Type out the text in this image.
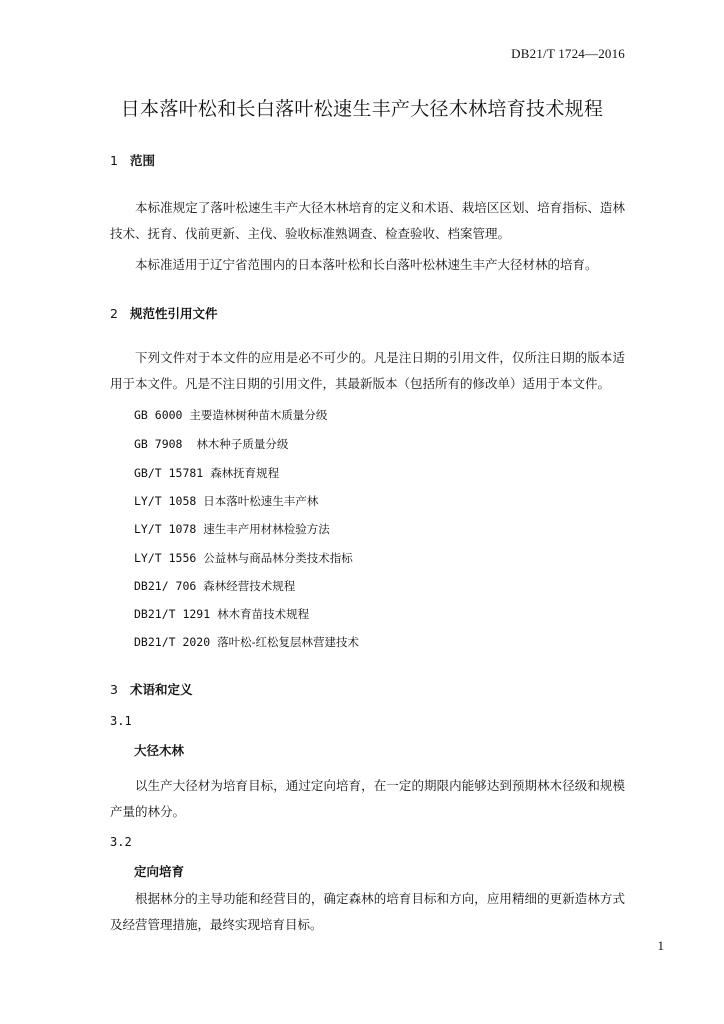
DB21/T 1724—2016
日本落叶松和长白落叶松速生丰产大径木林培育技术规程
1 范围

本标准规定了落叶松速生丰产大径木林培育的定义和术语、栽培区区划、培育指标、造林技术、抚育、伐前更新、主伐、验收标准熟调查、检查验收、档案管理。

本标准适用于辽宁省范围内的日本落叶松和长白落叶松林速生丰产大径材林的培育。

2 规范性引用文件

下列文件对于本文件的应用是必不可少的。凡是注日期的引用文件，仅所注日期的版本适用于本文件。凡是不注日期的引用文件，其最新版本（包括所有的修改单）适用于本文件。

GB 6000 主要造林树种苗木质量分级
GB 7908  林木种子质量分级
GB/T 15781 森林抚育规程
LY/T 1058 日本落叶松速生丰产林
LY/T 1078 速生丰产用材林检验方法
LY/T 1556 公益林与商品林分类技术指标
DB21/ 706 森林经营技术规程
DB21/T 1291 林木育苗技术规程
DB21/T 2020 落叶松-红松复层林营建技术
3 术语和定义
3.1
大径木林

以生产大径材为培育目标，通过定向培育，在一定的期限内能够达到预期林木径级和规模产量的林分。

3.2
定向培育

根据林分的主导功能和经营目的，确定森林的培育目标和方向，应用精细的更新造林方式及经营管理措施，最终实现培育目标。

1
